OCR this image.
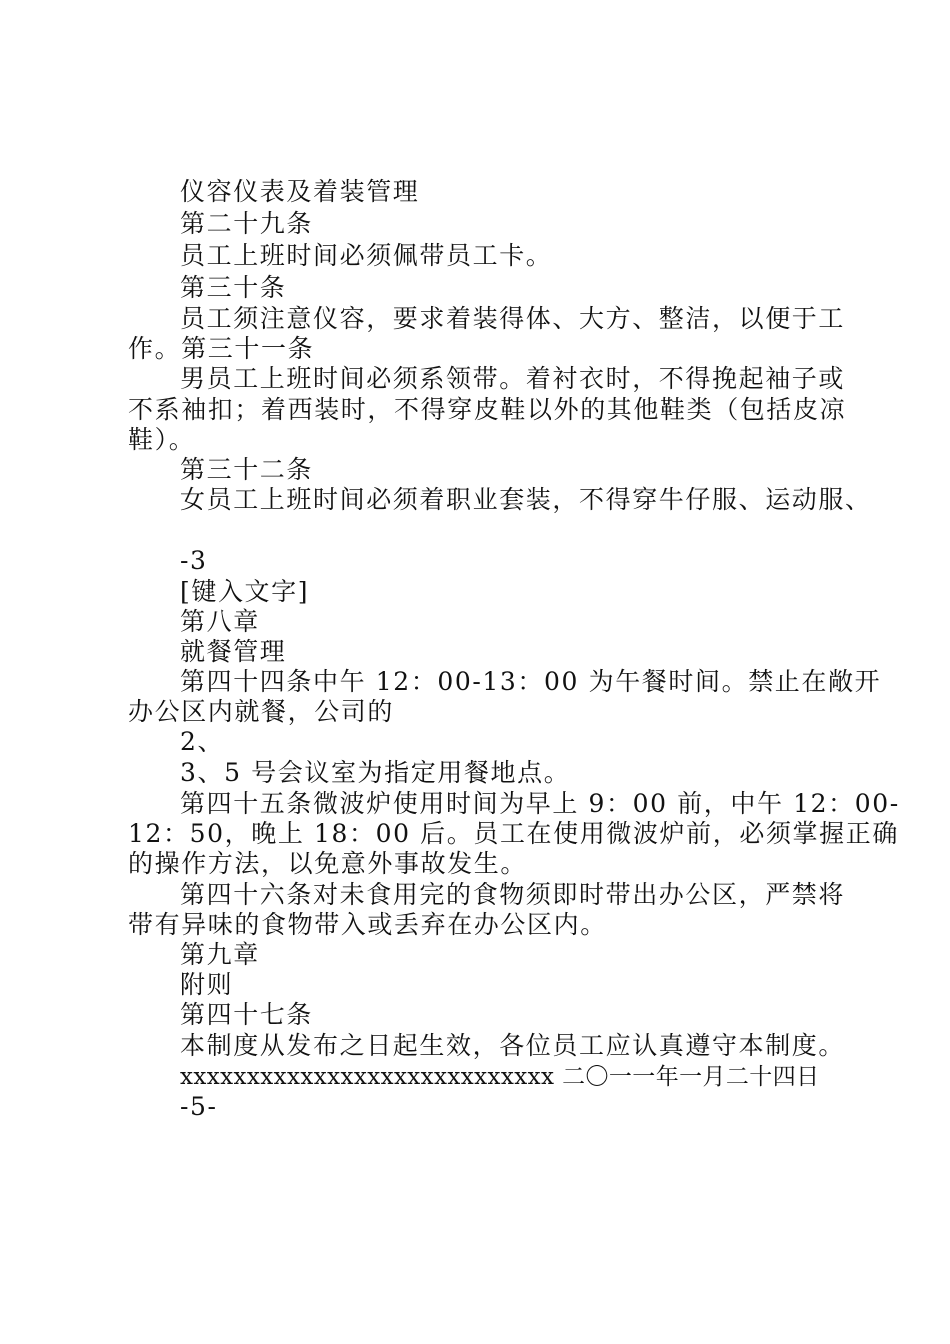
仪容仪表及着装管理
第二十九条
员工上班时间必须佩带员工卡。
第三十条
员工须注意仪容，要求着装得体、大方、整洁，以便于工
作。第三十一条
男员工上班时间必须系领带。着衬衣时，不得挽起袖子或
不系袖扣；着西装时，不得穿皮鞋以外的其他鞋类（包括皮凉
鞋）。
第三十二条
女员工上班时间必须着职业套装，不得穿牛仔服、运动服、
-3
[键入文字]
第八章
就餐管理
第四十四条中午 12：00-13：00 为午餐时间。禁止在敞开
办公区内就餐，公司的
2、
3、5 号会议室为指定用餐地点。
第四十五条微波炉使用时间为早上 9：00 前，中午 12：00-
12：50，晚上 18：00 后。员工在使用微波炉前，必须掌握正确
的操作方法，以免意外事故发生。
第四十六条对未食用完的食物须即时带出办公区，严禁将
带有异味的食物带入或丢弃在办公区内。
第九章
附则
第四十七条
本制度从发布之日起生效，各位员工应认真遵守本制度。
xxxxxxxxxxxxxxxxxxxxxxxxxxxx 二〇一一年一月二十四日
-5-
